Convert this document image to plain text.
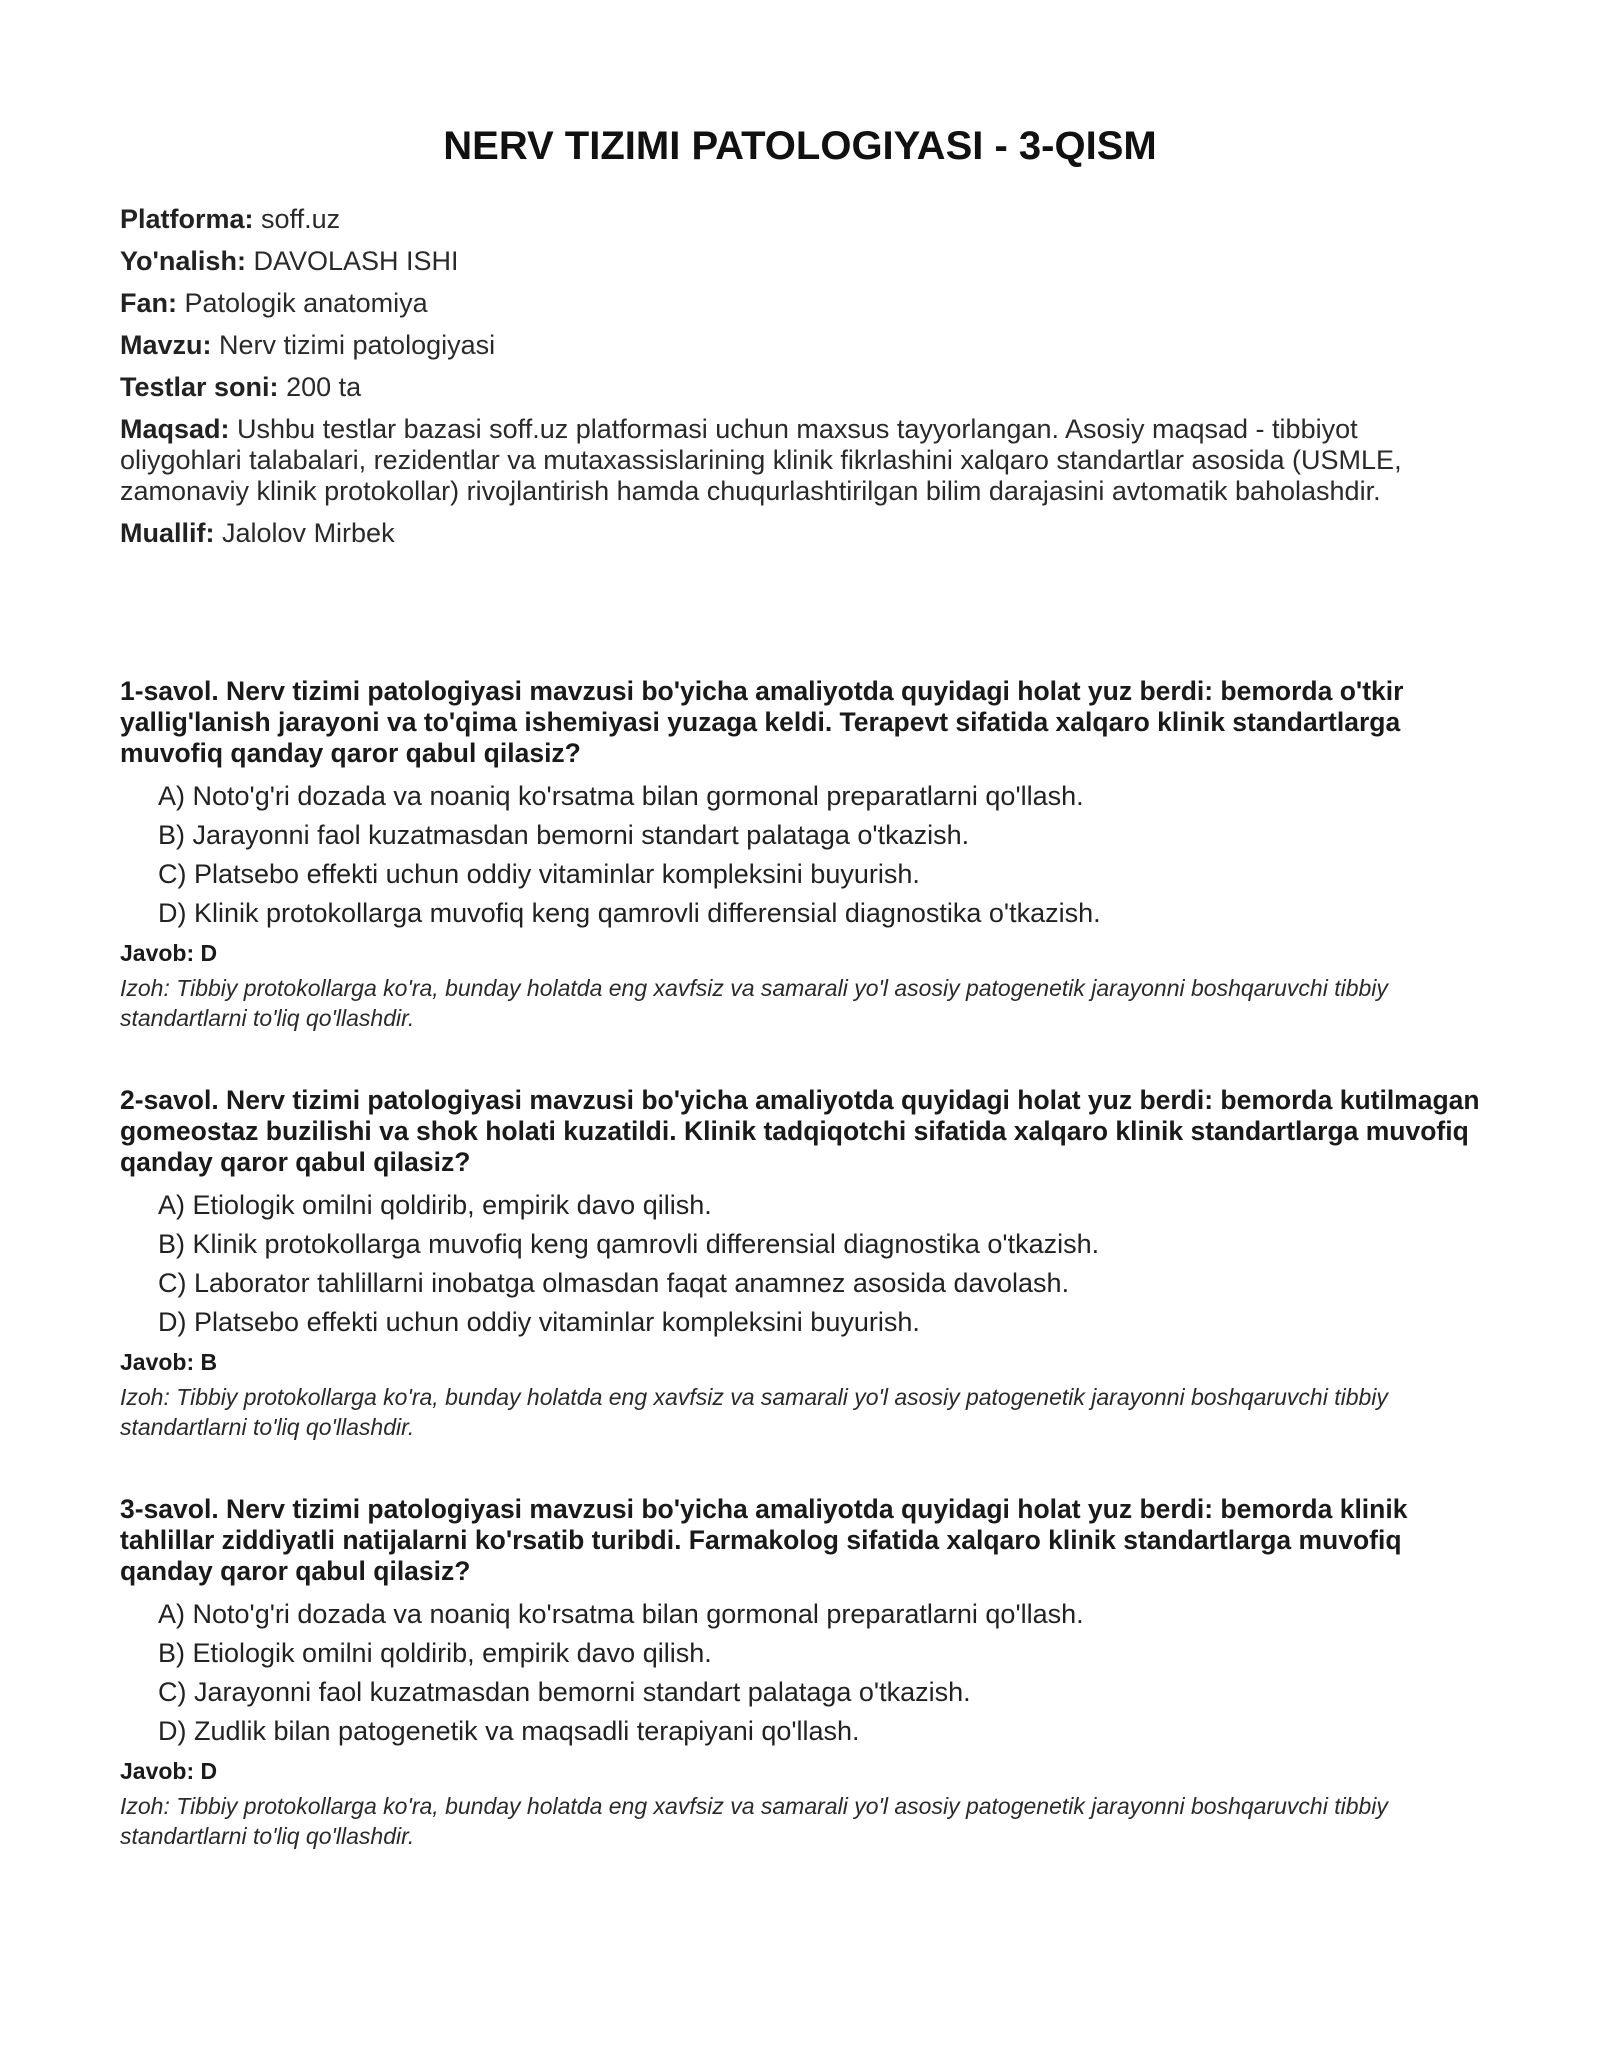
NERV TIZIMI PATOLOGIYASI - 3-QISM

Platforma: soff.uz

Yo'nalish: DAVOLASH ISHI

Fan: Patologik anatomiya

Mavzu: Nerv tizimi patologiyasi

Testlar soni: 200 ta

Maqsad: Ushbu testlar bazasi soff.uz platformasi uchun maxsus tayyorlangan. Asosiy maqsad - tibbiyot oliygohlari talabalari, rezidentlar va mutaxassislarining klinik fikrlashini xalqaro standartlar asosida (USMLE, zamonaviy klinik protokollar) rivojlantirish hamda chuqurlashtirilgan bilim darajasini avtomatik baholashdir.

Muallif: Jalolov Mirbek

1-savol. Nerv tizimi patologiyasi mavzusi bo'yicha amaliyotda quyidagi holat yuz berdi: bemorda o'tkir yallig'lanish jarayoni va to'qima ishemiyasi yuzaga keldi. Terapevt sifatida xalqaro klinik standartlarga muvofiq qanday qaror qabul qilasiz?

A) Noto'g'ri dozada va noaniq ko'rsatma bilan gormonal preparatlarni qo'llash.
B) Jarayonni faol kuzatmasdan bemorni standart palataga o'tkazish.
C) Platsebo effekti uchun oddiy vitaminlar kompleksini buyurish.
D) Klinik protokollarga muvofiq keng qamrovli differensial diagnostika o'tkazish.

Javob: D

Izoh: Tibbiy protokollarga ko'ra, bunday holatda eng xavfsiz va samarali yo'l asosiy patogenetik jarayonni boshqaruvchi tibbiy standartlarni to'liq qo'llashdir.

2-savol. Nerv tizimi patologiyasi mavzusi bo'yicha amaliyotda quyidagi holat yuz berdi: bemorda kutilmagan gomeostaz buzilishi va shok holati kuzatildi. Klinik tadqiqotchi sifatida xalqaro klinik standartlarga muvofiq qanday qaror qabul qilasiz?

A) Etiologik omilni qoldirib, empirik davo qilish.
B) Klinik protokollarga muvofiq keng qamrovli differensial diagnostika o'tkazish.
C) Laborator tahlillarni inobatga olmasdan faqat anamnez asosida davolash.
D) Platsebo effekti uchun oddiy vitaminlar kompleksini buyurish.

Javob: B

Izoh: Tibbiy protokollarga ko'ra, bunday holatda eng xavfsiz va samarali yo'l asosiy patogenetik jarayonni boshqaruvchi tibbiy standartlarni to'liq qo'llashdir.

3-savol. Nerv tizimi patologiyasi mavzusi bo'yicha amaliyotda quyidagi holat yuz berdi: bemorda klinik tahlillar ziddiyatli natijalarni ko'rsatib turibdi. Farmakolog sifatida xalqaro klinik standartlarga muvofiq qanday qaror qabul qilasiz?

A) Noto'g'ri dozada va noaniq ko'rsatma bilan gormonal preparatlarni qo'llash.
B) Etiologik omilni qoldirib, empirik davo qilish.
C) Jarayonni faol kuzatmasdan bemorni standart palataga o'tkazish.
D) Zudlik bilan patogenetik va maqsadli terapiyani qo'llash.

Javob: D

Izoh: Tibbiy protokollarga ko'ra, bunday holatda eng xavfsiz va samarali yo'l asosiy patogenetik jarayonni boshqaruvchi tibbiy standartlarni to'liq qo'llashdir.
